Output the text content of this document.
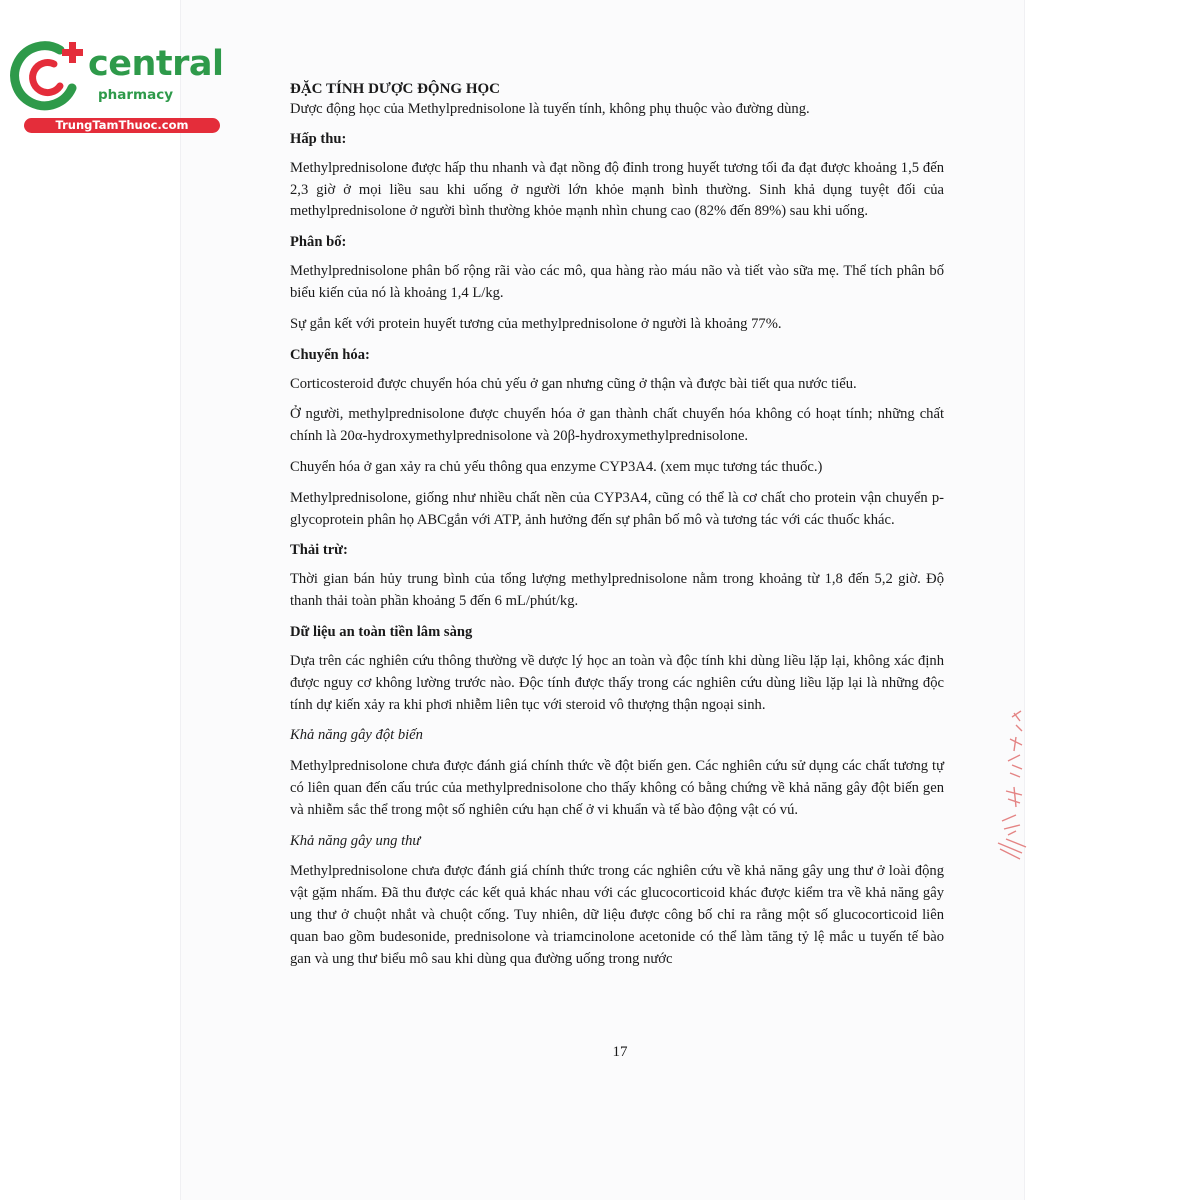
central
pharmacy
TrungTamThuoc.com
ĐẶC TÍNH DƯỢC ĐỘNG HỌC

Dược động học của Methylprednisolone là tuyến tính, không phụ thuộc vào đường dùng.

Hấp thu:

Methylprednisolone được hấp thu nhanh và đạt nồng độ đỉnh trong huyết tương tối đa đạt được khoảng 1,5 đến 2,3 giờ ở mọi liều sau khi uống ở người lớn khỏe mạnh bình thường. Sinh khả dụng tuyệt đối của methylprednisolone ở người bình thường khỏe mạnh nhìn chung cao (82% đến 89%) sau khi uống.

Phân bố:

Methylprednisolone phân bố rộng rãi vào các mô, qua hàng rào máu não và tiết vào sữa mẹ. Thể tích phân bố biểu kiến của nó là khoảng 1,4 L/kg.

Sự gắn kết với protein huyết tương của methylprednisolone ở người là khoảng 77%.

Chuyển hóa:

Corticosteroid được chuyển hóa chủ yếu ở gan nhưng cũng ở thận và được bài tiết qua nước tiểu.

Ở người, methylprednisolone được chuyển hóa ở gan thành chất chuyển hóa không có hoạt tính; những chất chính là 20α-hydroxymethylprednisolone và 20β-hydroxymethylprednisolone.

Chuyển hóa ở gan xảy ra chủ yếu thông qua enzyme CYP3A4. (xem mục tương tác thuốc.)

Methylprednisolone, giống như nhiều chất nền của CYP3A4, cũng có thể là cơ chất cho protein vận chuyển p-glycoprotein phân họ ABCgắn với ATP, ảnh hưởng đến sự phân bố mô và tương tác với các thuốc khác.

Thải trừ:

Thời gian bán hủy trung bình của tổng lượng methylprednisolone nằm trong khoảng từ 1,8 đến 5,2 giờ. Độ thanh thải toàn phần khoảng 5 đến 6 mL/phút/kg.

Dữ liệu an toàn tiền lâm sàng

Dựa trên các nghiên cứu thông thường về dược lý học an toàn và độc tính khi dùng liều lặp lại, không xác định được nguy cơ không lường trước nào. Độc tính được thấy trong các nghiên cứu dùng liều lặp lại là những độc tính dự kiến xảy ra khi phơi nhiễm liên tục với steroid vô thượng thận ngoại sinh.

Khả năng gây đột biến

Methylprednisolone chưa được đánh giá chính thức về đột biến gen. Các nghiên cứu sử dụng các chất tương tự có liên quan đến cấu trúc của methylprednisolone cho thấy không có bằng chứng về khả năng gây đột biến gen và nhiễm sắc thể trong một số nghiên cứu hạn chế ở vi khuẩn và tế bào động vật có vú.

Khả năng gây ung thư

Methylprednisolone chưa được đánh giá chính thức trong các nghiên cứu về khả năng gây ung thư ở loài động vật gặm nhấm. Đã thu được các kết quả khác nhau với các glucocorticoid khác được kiểm tra về khả năng gây ung thư ở chuột nhắt và chuột cống. Tuy nhiên, dữ liệu được công bố chỉ ra rằng một số glucocorticoid liên quan bao gồm budesonide, prednisolone và triamcinolone acetonide có thể làm tăng tỷ lệ mắc u tuyến tế bào gan và ung thư biểu mô sau khi dùng qua đường uống trong nước

17
